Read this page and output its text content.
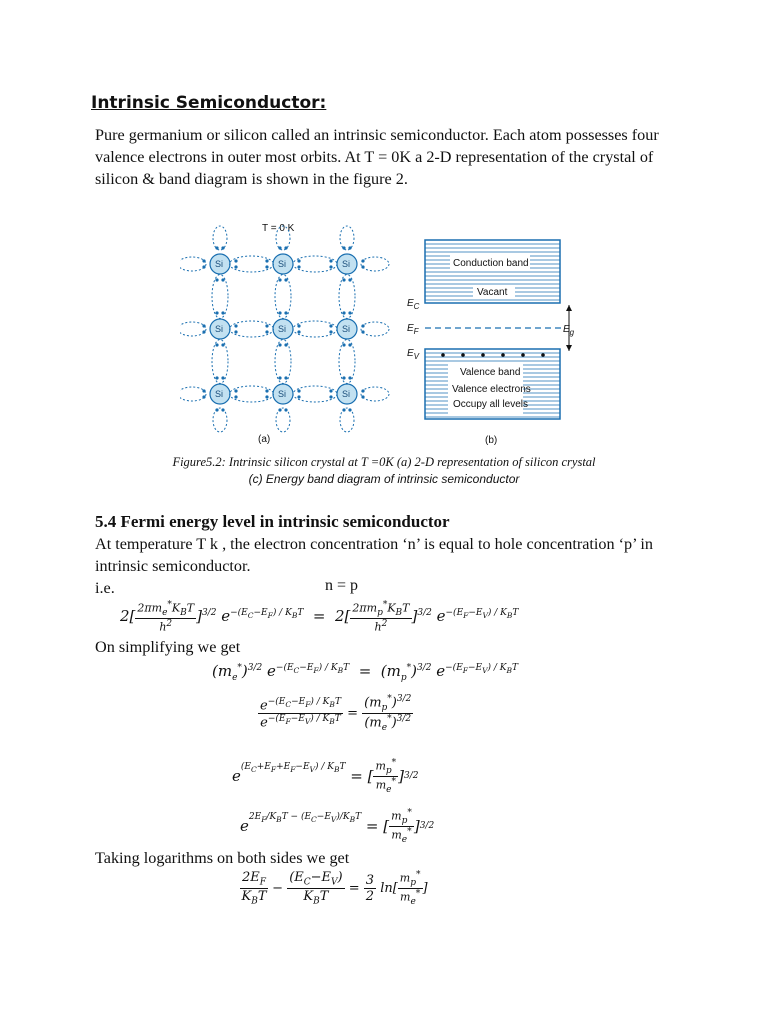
Intrinsic Semiconductor:
Pure germanium or silicon called an intrinsic semiconductor. Each atom possesses four
valence electrons in outer most orbits. At T = 0K a 2-D representation of the crystal of
silicon & band diagram is shown in the figure 2.
T = 0 K
Si	Si	Si
Si	Si	Si
Si	Si	Si
(a)
Conduction band
Vacant
$E_C$
$E_F$
$E_V$
$E_g$
Valence band
Valence electrons
Occupy all levels
(b)
Figure5.2: Intrinsic silicon crystal at T =0K (a) 2-D representation of silicon crystal
(c) Energy band diagram of intrinsic semiconductor
5.4 Fermi energy level in intrinsic semiconductor
At temperature T k , the electron concentration ‘n’ is equal to hole concentration ‘p’ in
intrinsic semiconductor.
i.e.	n = p
$2[ \frac{2\pi m_e^*K_BT}{h^2} ]^{3/2}$ $e^{-(E_C-E_F) / K_BT} = 2[ \frac{2\pi m_p^*K_BT}{h^2} ]^{3/2}$ $e^{-(E_F-E_V) / K_BT}$
On simplifying we get
$(m_e^*)^{3/2}$ $e^{-(E_C-E_F) / K_BT} = (m_p^*)^{3/2}$ $e^{-(E_F-E_V) / K_BT}$
$\frac{e^{-(E_C-E_F) / K_BT}}{e^{-(E_F-E_V) / K_BT}} = \frac{(m_p^*)^{3/2}}{(m_e^*)^{3/2}}$
$e^{(E_C+E_F+E_F-E_V) / K_BT}$ = [ $\frac{m_p^*}{m_e^*}$ ] 3/2
$e^{2E_F/K_BT - (E_C-E_V)/K_BT}$ = [ $\frac{m_p^*}{m_e^*}$ ] 3/2
Taking logarithms on both sides we get
$\frac{2E_F}{K_BT} - \frac{(E_C-E_V)}{K_BT} = \frac{3}{2} \ln[ \frac{m_p^*}{m_e^*}$ ]
